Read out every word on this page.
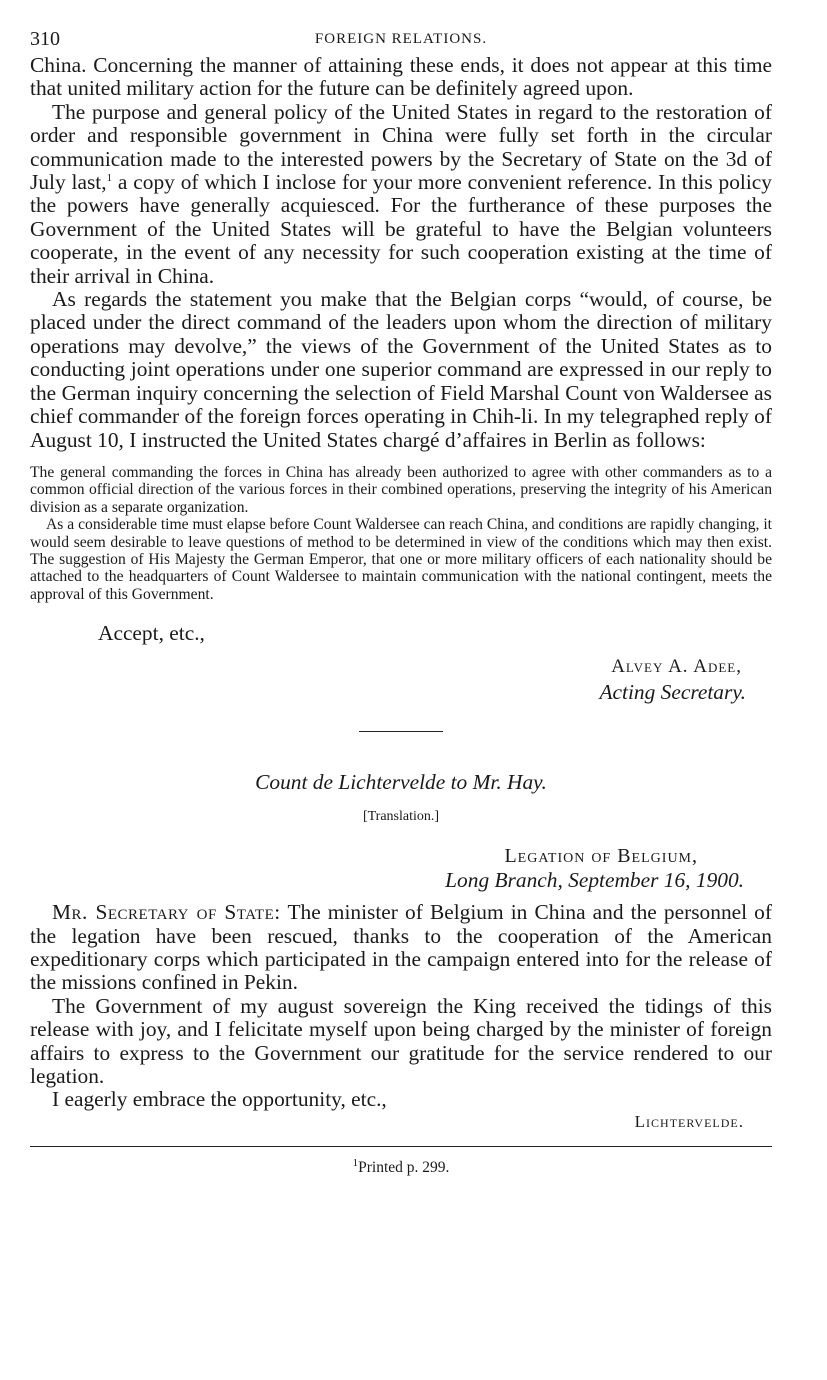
310	FOREIGN RELATIONS.

China. Concerning the manner of attaining these ends, it does not appear at this time that united military action for the future can be definitely agreed upon.

The purpose and general policy of the United States in regard to the restoration of order and responsible government in China were fully set forth in the circular communication made to the interested powers by the Secretary of State on the 3d of July last,$^1$ a copy of which I inclose for your more convenient reference. In this policy the powers have generally acquiesced. For the furtherance of these purposes the Government of the United States will be grateful to have the Belgian volunteers cooperate, in the event of any necessity for such cooperation existing at the time of their arrival in China.

As regards the statement you make that the Belgian corps “would, of course, be placed under the direct command of the leaders upon whom the direction of military operations may devolve,” the views of the Government of the United States as to conducting joint operations under one superior command are expressed in our reply to the German inquiry concerning the selection of Field Marshal Count von Waldersee as chief commander of the foreign forces operating in Chih-li. In my telegraphed reply of August 10, I instructed the United States chargé d’affaires in Berlin as follows:

The general commanding the forces in China has already been authorized to agree with other commanders as to a common official direction of the various forces in their combined operations, preserving the integrity of his American division as a separate organization.

As a considerable time must elapse before Count Waldersee can reach China, and conditions are rapidly changing, it would seem desirable to leave questions of method to be determined in view of the conditions which may then exist. The suggestion of His Majesty the German Emperor, that one or more military officers of each nationality should be attached to the headquarters of Count Waldersee to maintain communication with the national contingent, meets the approval of this Government.

Accept, etc.,
Alvey A. Adee,
Acting Secretary.
Count de Lichtervelde to Mr. Hay.
[Translation.]
Legation of Belgium,
Long Branch, September 16, 1900.

Mr. Secretary of State: The minister of Belgium in China and the personnel of the legation have been rescued, thanks to the cooperation of the American expeditionary corps which participated in the campaign entered into for the release of the missions confined in Pekin.

The Government of my august sovereign the King received the tidings of this release with joy, and I felicitate myself upon being charged by the minister of foreign affairs to express to the Government our gratitude for the service rendered to our legation.

I eagerly embrace the opportunity, etc.,

Lichtervelde.
$^1$Printed p. 299.
